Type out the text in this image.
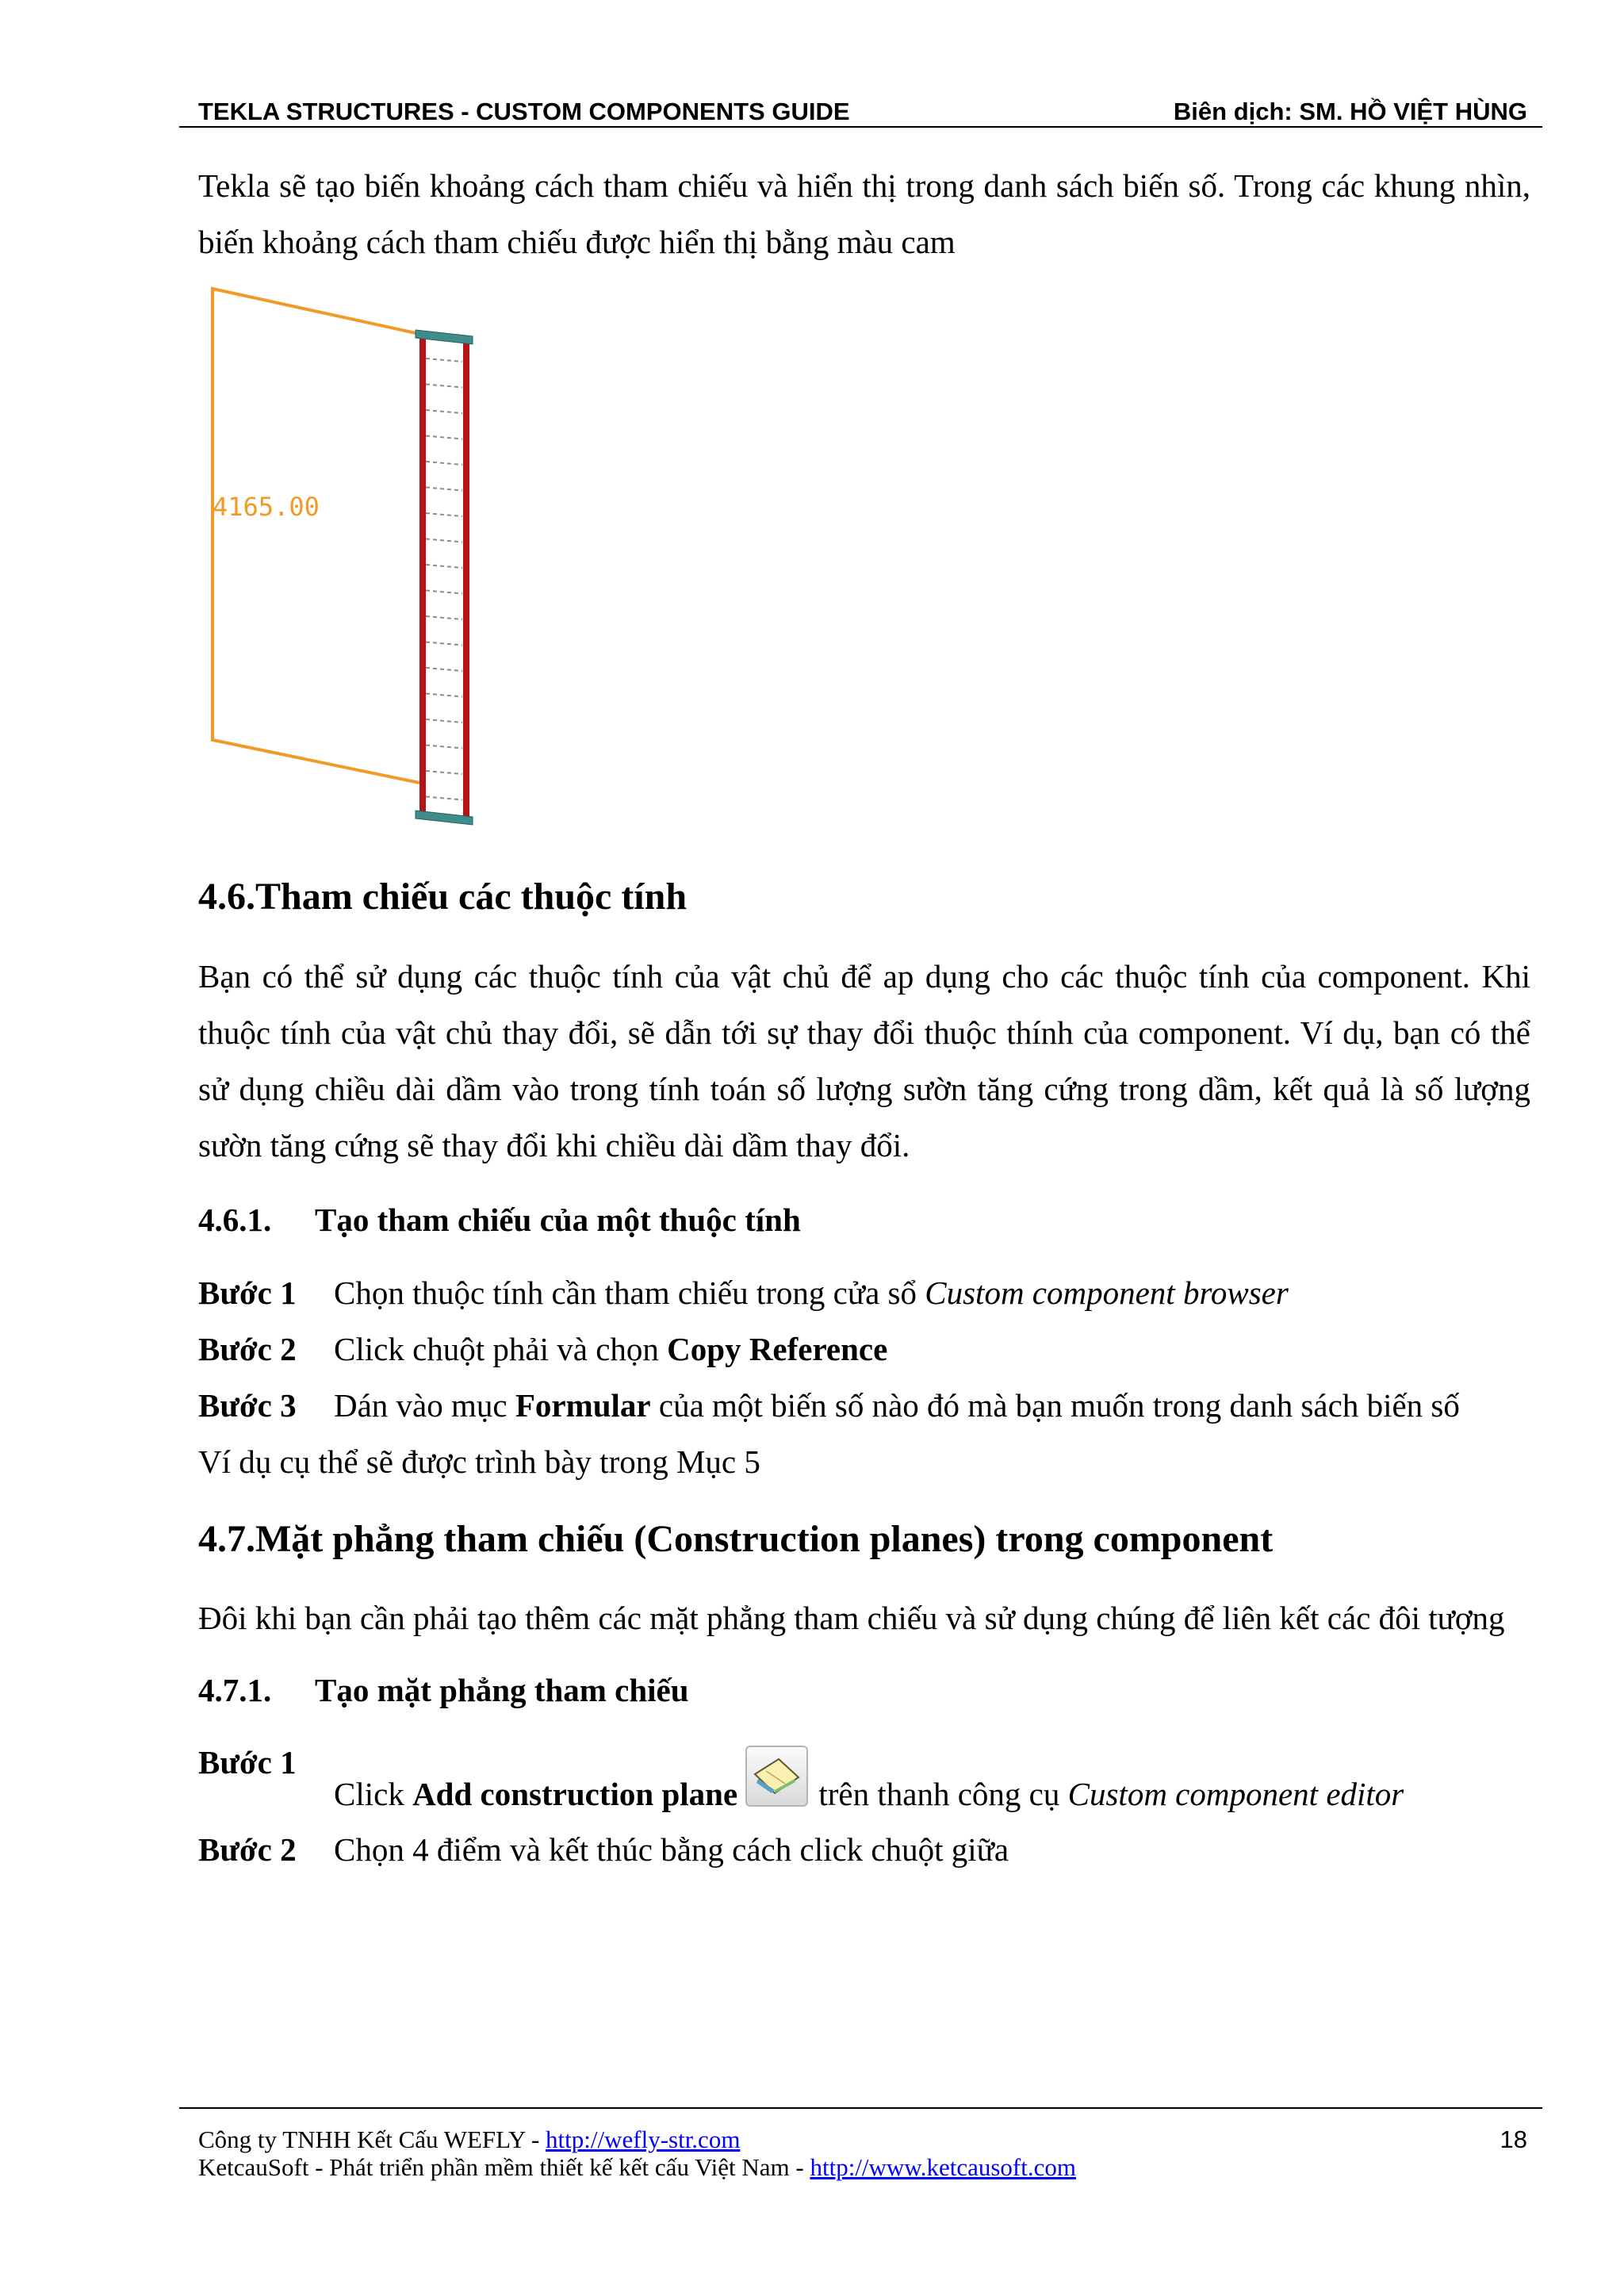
TEKLA STRUCTURES - CUSTOM COMPONENTS GUIDE	Biên dịch: SM. HỒ VIỆT HÙNG
Tekla sẽ tạo biến khoảng cách tham chiếu và hiển thị trong danh sách biến số. Trong các khung nhìn, biến khoảng cách tham chiếu được hiển thị bằng màu cam
4165.00
4.6.Tham chiếu các thuộc tính
Bạn có thể sử dụng các thuộc tính của vật chủ để ap dụng cho các thuộc tính của component. Khi thuộc tính của vật chủ thay đổi, sẽ dẫn tới sự thay đổi thuộc thính của component. Ví dụ, bạn có thể sử dụng chiều dài dầm vào trong tính toán số lượng sườn tăng cứng trong dầm, kết quả là số lượng sườn tăng cứng sẽ thay đổi khi chiều dài dầm thay đổi.
4.6.1. Tạo tham chiếu của một thuộc tính
Bước 1 Chọn thuộc tính cần tham chiếu trong cửa sổ Custom component browser
Bước 2 Click chuột phải và chọn Copy Reference
Bước 3 Dán vào mục Formular của một biến số nào đó mà bạn muốn trong danh sách biến số
Ví dụ cụ thể sẽ được trình bày trong Mục 5
4.7.Mặt phẳng tham chiếu (Construction planes) trong component
Đôi khi bạn cần phải tạo thêm các mặt phẳng tham chiếu và sử dụng chúng để liên kết các đôi tượng
4.7.1. Tạo mặt phẳng tham chiếu
Bước 1
Click Add construction plane
trên thanh công cụ Custom component editor
Bước 2 Chọn 4 điểm và kết thúc bằng cách click chuột giữa
Công ty TNHH Kết Cấu WEFLY - http://wefly-str.com
KetcauSoft - Phát triển phần mềm thiết kế kết cấu Việt Nam - http://www.ketcausoft.com
18
